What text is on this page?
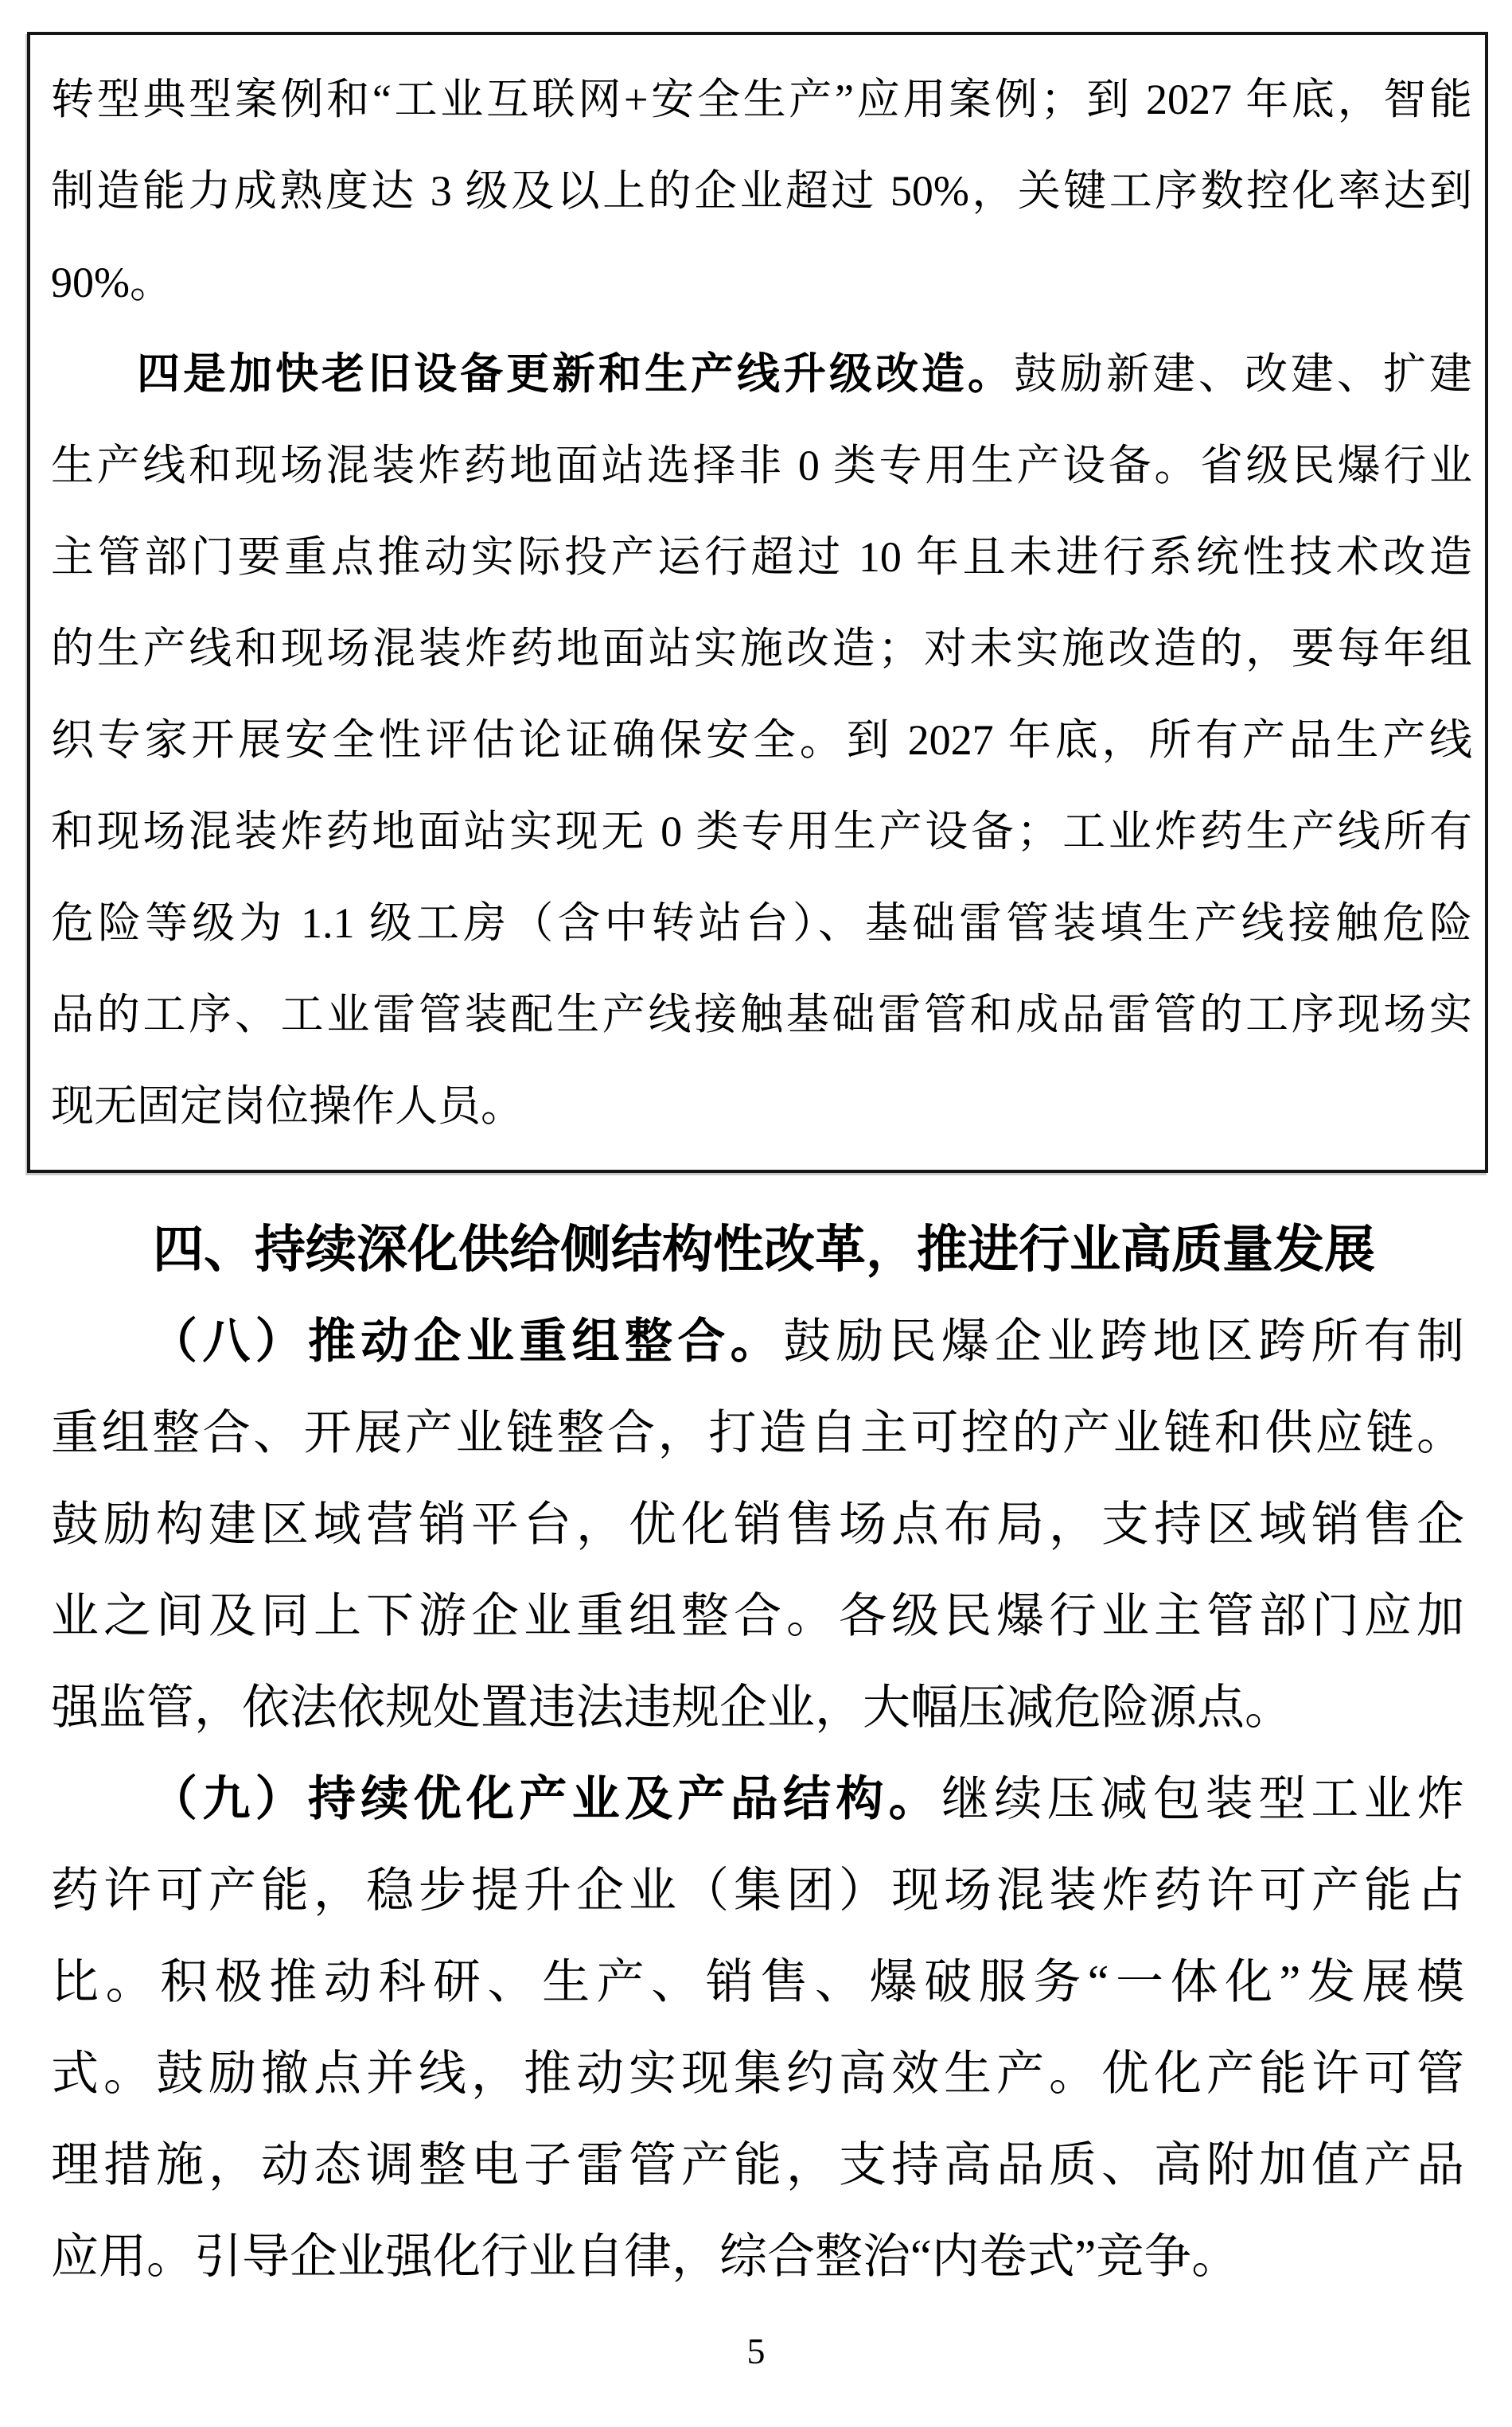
转型典型案例和“工业互联网+安全生产”应用案例；到 2027 年底，智能
制造能力成熟度达 3 级及以上的企业超过 50%，关键工序数控化率达到
90%。
四是加快老旧设备更新和生产线升级改造。鼓励新建、改建、扩建
生产线和现场混装炸药地面站选择非 0 类专用生产设备。省级民爆行业
主管部门要重点推动实际投产运行超过 10 年且未进行系统性技术改造
的生产线和现场混装炸药地面站实施改造；对未实施改造的，要每年组
织专家开展安全性评估论证确保安全。到 2027 年底，所有产品生产线
和现场混装炸药地面站实现无 0 类专用生产设备；工业炸药生产线所有
危险等级为 1.1 级工房（含中转站台）、基础雷管装填生产线接触危险
品的工序、工业雷管装配生产线接触基础雷管和成品雷管的工序现场实
现无固定岗位操作人员。
四、持续深化供给侧结构性改革，推进行业高质量发展
（八）推动企业重组整合。鼓励民爆企业跨地区跨所有制
重组整合、开展产业链整合，打造自主可控的产业链和供应链。
鼓励构建区域营销平台，优化销售场点布局，支持区域销售企
业之间及同上下游企业重组整合。各级民爆行业主管部门应加
强监管，依法依规处置违法违规企业，大幅压减危险源点。
（九）持续优化产业及产品结构。继续压减包装型工业炸
药许可产能，稳步提升企业（集团）现场混装炸药许可产能占
比。积极推动科研、生产、销售、爆破服务“一体化”发展模
式。鼓励撤点并线，推动实现集约高效生产。优化产能许可管
理措施，动态调整电子雷管产能，支持高品质、高附加值产品
应用。引导企业强化行业自律，综合整治“内卷式”竞争。
5
